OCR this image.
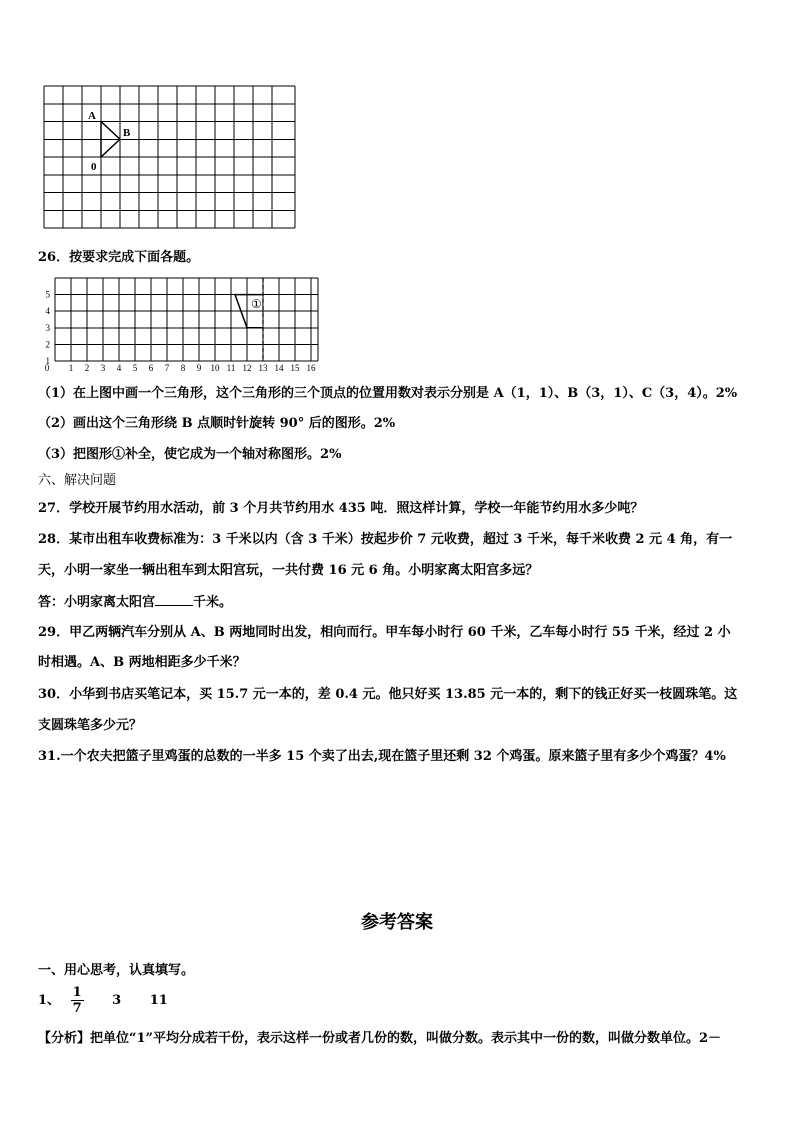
A
B
0
26．按要求完成下面各题。
①
1
2
3
4
5
0 1 2 3 4 5 6 7 8 9 10 11 12 13 14 15 16
（1）在上图中画一个三角形，这个三角形的三个顶点的位置用数对表示分别是 A（1，1）、B（3，1）、C（3，4）。2%
（2）画出这个三角形绕 B 点顺时针旋转 90° 后的图形。2%
（3）把图形①补全，使它成为一个轴对称图形。2%
六、解决问题
27．学校开展节约用水活动，前 3 个月共节约用水 435 吨．照这样计算，学校一年能节约用水多少吨？
28．某市出租车收费标准为：3 千米以内（含 3 千米）按起步价 7 元收费，超过 3 千米，每千米收费 2 元 4 角，有一
天，小明一家坐一辆出租车到太阳宫玩，一共付费 16 元 6 角。小明家离太阳宫多远？
答：小明家离太阳宫	千米。
29．甲乙两辆汽车分别从 A、B 两地同时出发，相向而行。甲车每小时行 60 千米，乙车每小时行 55 千米，经过 2 小
时相遇。A、B 两地相距多少千米？
30．小华到书店买笔记本，买 15.7 元一本的，差 0.4 元。他只好买 13.85 元一本的，剩下的钱正好买一枝圆珠笔。这
支圆珠笔多少元？
31.一个农夫把篮子里鸡蛋的总数的一半多 15 个卖了出去,现在篮子里还剩 32 个鸡蛋。原来篮子里有多少个鸡蛋？4%
参考答案
一、用心思考，认真填写。
1、 $\frac{1}{7} 3$ 11
【分析】把单位“1”平均分成若干份，表示这样一份或者几份的数，叫做分数。表示其中一份的数，叫做分数单位。2－
